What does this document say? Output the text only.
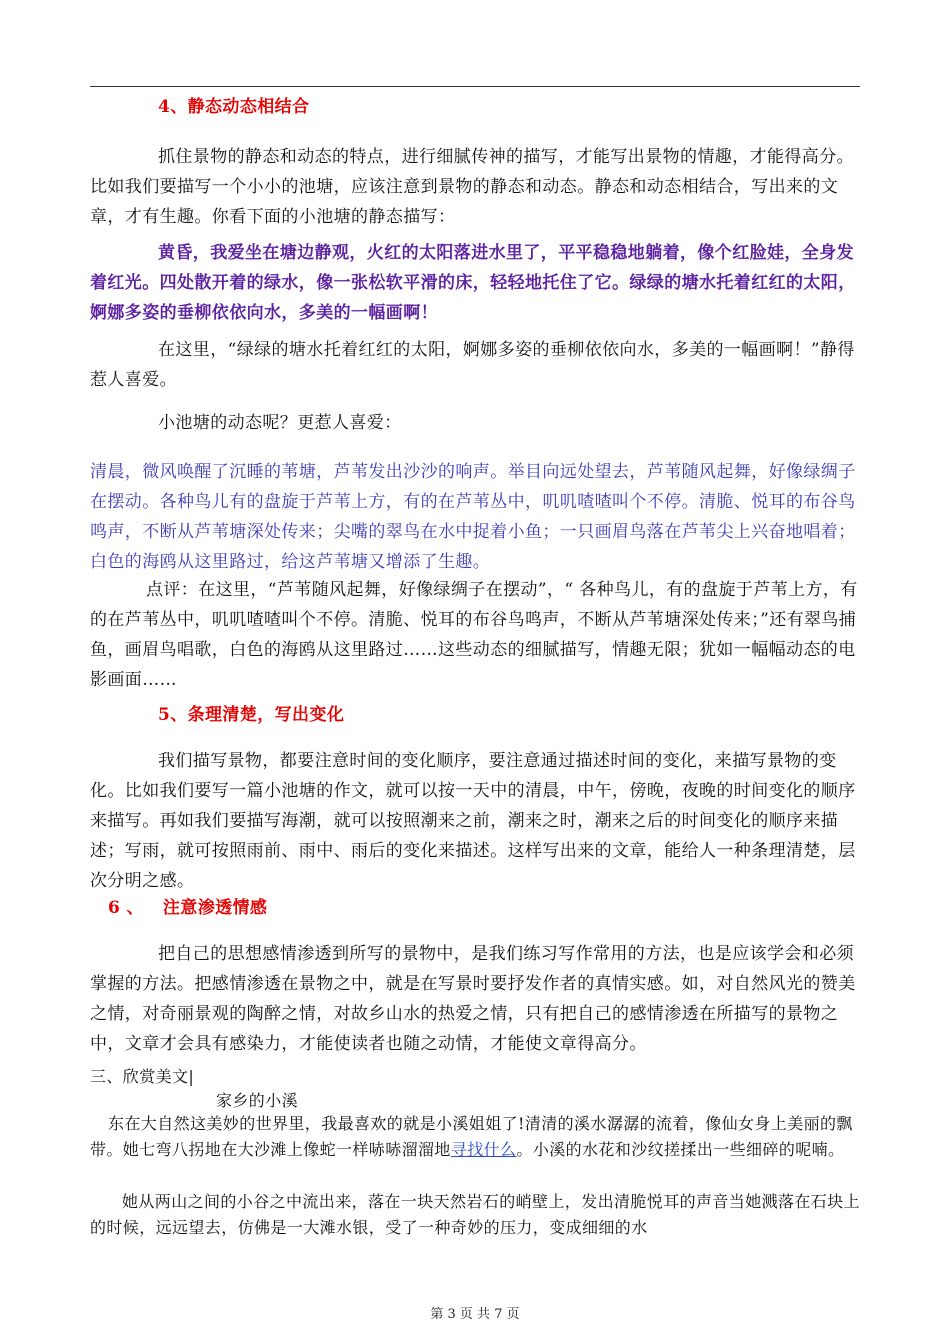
4、静态动态相结合

抓住景物的静态和动态的特点，进行细腻传神的描写，才能写出景物的情趣，才能得高分。比如我们要描写一个小小的池塘，应该注意到景物的静态和动态。静态和动态相结合，写出来的文章，才有生趣。你看下面的小池塘的静态描写：

黄昏，我爱坐在塘边静观，火红的太阳落进水里了，平平稳稳地躺着，像个红脸娃，全身发着红光。四处散开着的绿水，像一张松软平滑的床，轻轻地托住了它。绿绿的塘水托着红红的太阳，婀娜多姿的垂柳依依向水，多美的一幅画啊！

在这里，“绿绿的塘水托着红红的太阳，婀娜多姿的垂柳依依向水，多美的一幅画啊！”静得惹人喜爱。

小池塘的动态呢？更惹人喜爱：

清晨，微风唤醒了沉睡的苇塘，芦苇发出沙沙的响声。举目向远处望去，芦苇随风起舞，好像绿绸子在摆动。各种鸟儿有的盘旋于芦苇上方，有的在芦苇丛中，叽叽喳喳叫个不停。清脆、悦耳的布谷鸟鸣声，不断从芦苇塘深处传来；尖嘴的翠鸟在水中捉着小鱼；一只画眉鸟落在芦苇尖上兴奋地唱着；白色的海鸥从这里路过，给这芦苇塘又增添了生趣。

点评：在这里，“芦苇随风起舞，好像绿绸子在摆动”，“ 各种鸟儿，有的盘旋于芦苇上方，有的在芦苇丛中，叽叽喳喳叫个不停。清脆、悦耳的布谷鸟鸣声，不断从芦苇塘深处传来；”还有翠鸟捕鱼，画眉鸟唱歌，白色的海鸥从这里路过……这些动态的细腻描写，情趣无限；犹如一幅幅动态的电影画面……

5、条理清楚，写出变化

我们描写景物，都要注意时间的变化顺序，要注意通过描述时间的变化，来描写景物的变化。比如我们要写一篇小池塘的作文，就可以按一天中的清晨，中午，傍晚，夜晚的时间变化的顺序来描写。再如我们要描写海潮，就可以按照潮来之前，潮来之时，潮来之后的时间变化的顺序来描述；写雨，就可按照雨前、雨中、雨后的变化来描述。这样写出来的文章，能给人一种条理清楚，层次分明之感。

6 、   注意渗透情感

把自己的思想感情渗透到所写的景物中，是我们练习写作常用的方法，也是应该学会和必须掌握的方法。把感情渗透在景物之中，就是在写景时要抒发作者的真情实感。如，对自然风光的赞美之情，对奇丽景观的陶醉之情，对故乡山水的热爱之情，只有把自己的感情渗透在所描写的景物之中，文章才会具有感染力，才能使读者也随之动情，才能使文章得高分。

三、欣赏美文|

家乡的小溪

东在大自然这美妙的世界里，我最喜欢的就是小溪姐姐了!清清的溪水潺潺的流着，像仙女身上美丽的飘带。她七弯八拐地在大沙滩上像蛇一样哧哧溜溜地寻找什么。小溪的水花和沙纹搓揉出一些细碎的呢喃。

她从两山之间的小谷之中流出来，落在一块天然岩石的峭壁上，发出清脆悦耳的声音当她溅落在石块上的时候，远远望去，仿佛是一大滩水银，受了一种奇妙的压力，变成细细的水

第 3 页 共 7 页
